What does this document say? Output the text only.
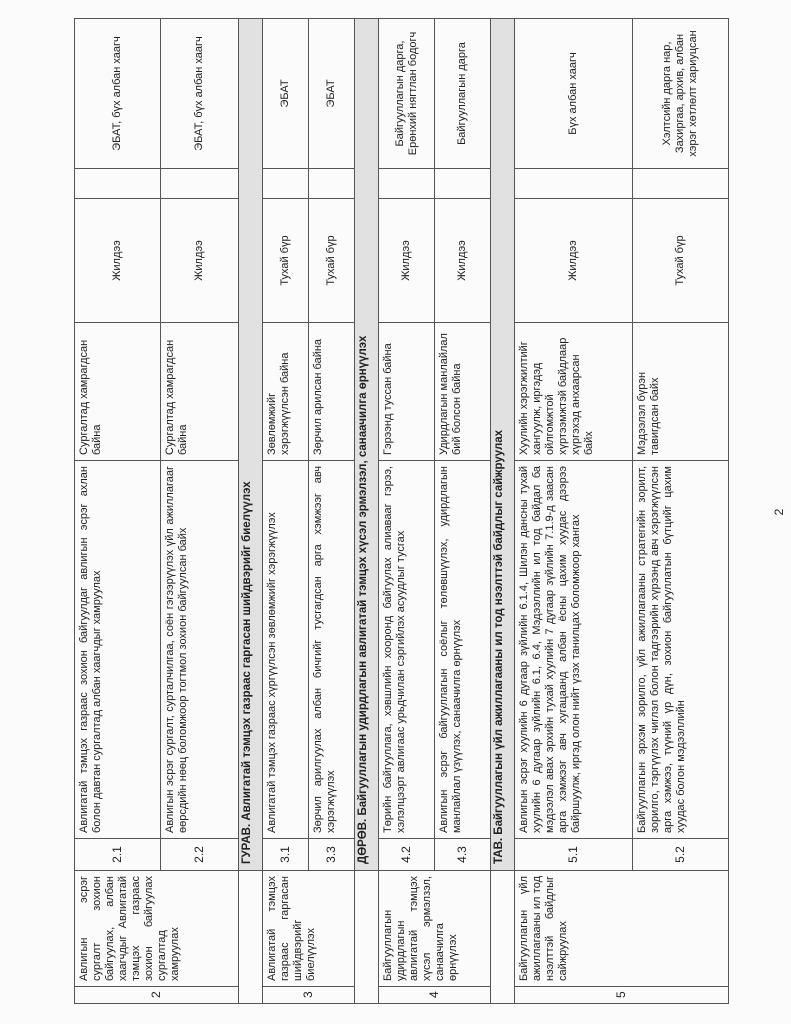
2	Авлигын эсрэг сургалт зохион байгуулах, албан хаагчдыг Авлигатай тэмцэх газраас зохион байгуулах сургалтад хамруулах	2.1	Авлигатай тэмцэх газраас зохион байгуулдаг авлигын эсрэг ахлан болон давтан сургалтад албан хаагчдыг хамруулах	Сургалтад хамрагдсан байна	Жилдээ		ЭБАТ, бүх албан хаагч
		2.2	Авлигын эсрэг сургалт, сурталчилгаа, соён гэгээрүүлэх үйл ажиллагааг өөрсдийн нөөц боломжоор тогтмол зохион байгуулсан байх	Сургалтад хамрагдсан байна	Жилдээ		ЭБАТ, бүх албан хаагч
		ГУРАВ. Авлигатай тэмцэх газраас гаргасан шийдвэрийг биелүүлэх					
3	Авлигатай тэмцэх газраас гаргасан шийдвэрийг биелүүлэх	3.1	Авлигатай тэмцэх газраас хүргүүлсэн зөвлөмжийг хэрэгжүүлэх	Зөвлөмжийг хэрэгжүүлсэн байна	Тухай бүр		ЭБАТ
		3.3	Зөрчил арилгуулах албан бичгийг тусгагдсан арга хэмжээг авч хэрэгжүүлэх	Зөрчил арилсан байна	Тухай бүр		ЭБАТ
		ДӨРӨВ. Байгууллагын удирдлагын авлигатай тэмцэх хүсэл эрмэлзэл, санаачилга өрнүүлэх					
4	Байгууллагын удирдлагын авлигатай тэмцэх хүсэл эрмэлзэл, санаачилга өрнүүлэх	4.2	Төрийн байгууллага, хэвшлийн хооронд байгуулах алиавааг гэрээ, хэлэлцээрт авлигаас урьдчилан сэргийлэх асуудлыг тусгах	Гэрээнд туссан байна	Жилдээ		Байгууллагын дарга, Ерөнхий нягтлан бодогч
		4.3	Авлигын эсрэг байгууллагын соёлыг төлөвшүүлэх, удирдлагын манлайлал үзүүлэх, санаачилга өрнүүлэх	Удирдлагын манлайлал бий болсон байна	Жилдээ		Байгууллагын дарга
		ТАВ. Байгууллагын үйл ажиллагааны ил тод нээлттэй байдлыг сайжруулах					
5	Байгууллагын үйл ажиллагааны ил тод нээлттэй байдлыг сайжруулах	5.1	Авлигын эсрэг хуулийн 6 дугаар зүйлийн 6.1.4, Шилэн дансны тухай хуулийн 6 дугаар зүйлийн 6.1, 6.4, Мэдээллийн ил тод байдал ба мэдээлэл авах эрхийн тухай хуулийн 7 дугаар зүйлийн 7.1.9-д заасан арга хэмжээг авч хугацаанд албан ёсны цахим хуудас дээрээ байршуулж, иргэд олон нийт үзэх танилцах боломжоор хангах	Хуулийн хэрэгжилтийг хангуулж, иргэдэд ойлгомжтой хүртээмжтэй байдлаар хүргэхэд анхаарсан байх	Жилдээ		Бүх албан хаагч
		5.2	Байгууллагын эрхэм зорилго, үйл ажиллагааны стратегийн зорилт, зорилго, тэргүүлэх чиглэл болон тадгээрийн хүрээнд авч хэрэгжүүлсэн арга хэмжээ, түүний үр дүн, зохион байгууллатын бүтцийг цахим хуудас болон мэдээллийн	Мэдээлэл бүрэн тавигдсан байх	Тухай бүр		Хэлтсийн дарга нар, Захиргаа, архив, албан хэрэг хөтлөлт хариуцсан
2
